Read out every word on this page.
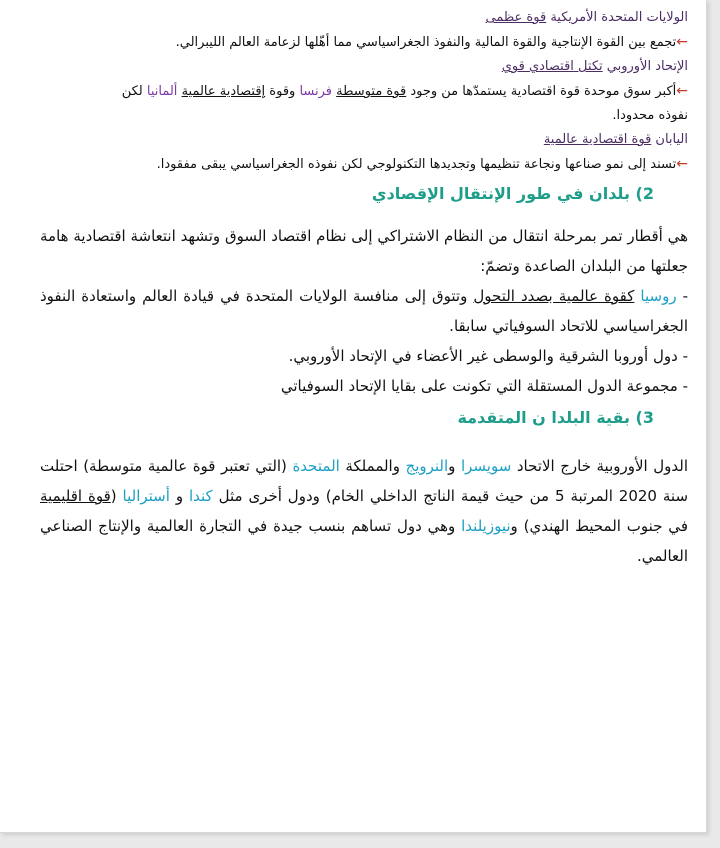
الولايات المتحدة الأمريكية قوة عظمى

←تجمع بين القوة الإنتاجية والقوة المالية والنفوذ الجغراسياسي مما أهّلها لزعامة العالم الليبرالي.

الإتحاد الأوروبي تكتل اقتصادي قوي

←أكبر سوق موحدة قوة اقتصادية يستمدّها من وجود قوة متوسطة فرنسا وقوة إقتصادية عالمية ألمانيا لكن
نفوذه محدودا.

اليابان قوة اقتصادية عالمية

←تسند إلى نمو صناعها ونجاعة تنظيمها وتجديدها التكنولوجي لكن نفوذه الجغراسياسي يبقى مفقودا.

2) بلدان في طور الإنتقال الإقصادي

هي أقطار تمر بمرحلة انتقال من النظام الاشتراكي إلى نظام اقتصاد السوق وتشهد انتعاشة اقتصادية هامة جعلتها من البلدان الصاعدة وتضمّ:

- روسيا كقوة عالمية بصدد التحول وتتوق إلى منافسة الولايات المتحدة في قيادة العالم واستعادة النفوذ الجغراسياسي للاتحاد السوفياتي سابقا.

- دول أوروبا الشرقية والوسطى غير الأعضاء في الإتحاد الأوروبي.

- مجموعة الدول المستقلة التي تكونت على بقايا الإتحاد السوفياتي

3) بقية البلدا ن المتقدمة

الدول الأوروبية خارج الاتحاد سويسرا والنرويج والمملكة المتحدة (التي تعتبر قوة عالمية متوسطة) احتلت سنة 2020 المرتبة 5 من حيث قيمة الناتج الداخلي الخام) ودول أخرى مثل كندا و أستراليا (قوة اقليمية في جنوب المحيط الهندي) ونيوزيلندا وهي دول تساهم بنسب جيدة في التجارة العالمية والإنتاج الصناعي العالمي.
